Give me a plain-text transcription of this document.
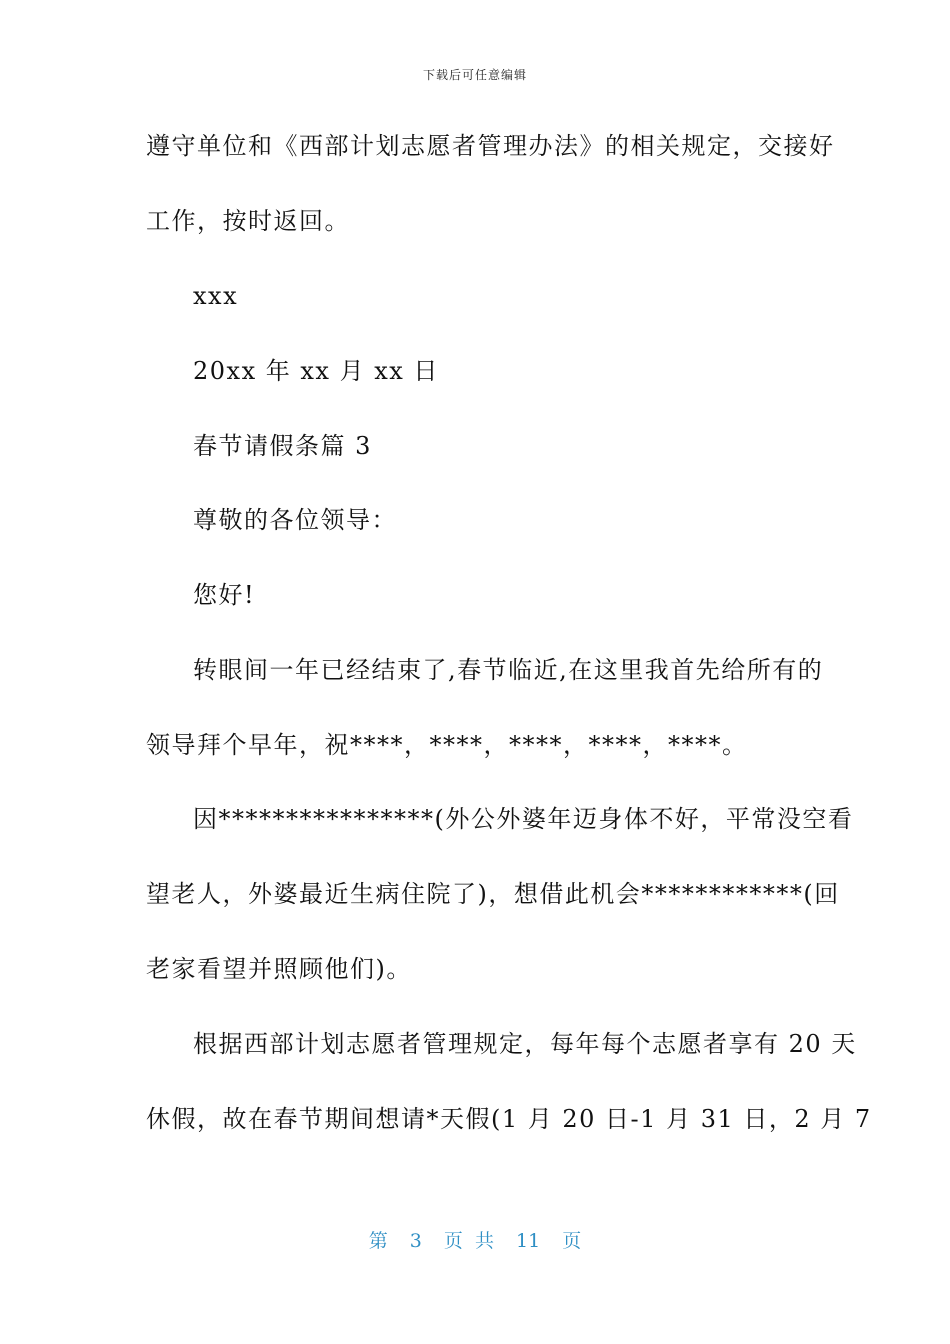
下载后可任意编辑
遵守单位和《西部计划志愿者管理办法》的相关规定，交接好
工作，按时返回。
xxx
20xx 年 xx 月 xx 日
春节请假条篇 3
尊敬的各位领导：
您好!
转眼间一年已经结束了,春节临近,在这里我首先给所有的
领导拜个早年，祝****，****，****，****，****。
因****************(外公外婆年迈身体不好，平常没空看
望老人，外婆最近生病住院了)，想借此机会************(回
老家看望并照顾他们)。
根据西部计划志愿者管理规定，每年每个志愿者享有 20 天
休假，故在春节期间想请*天假(1 月 20 日-1 月 31 日，2 月 7
第 3 页 共 11 页
